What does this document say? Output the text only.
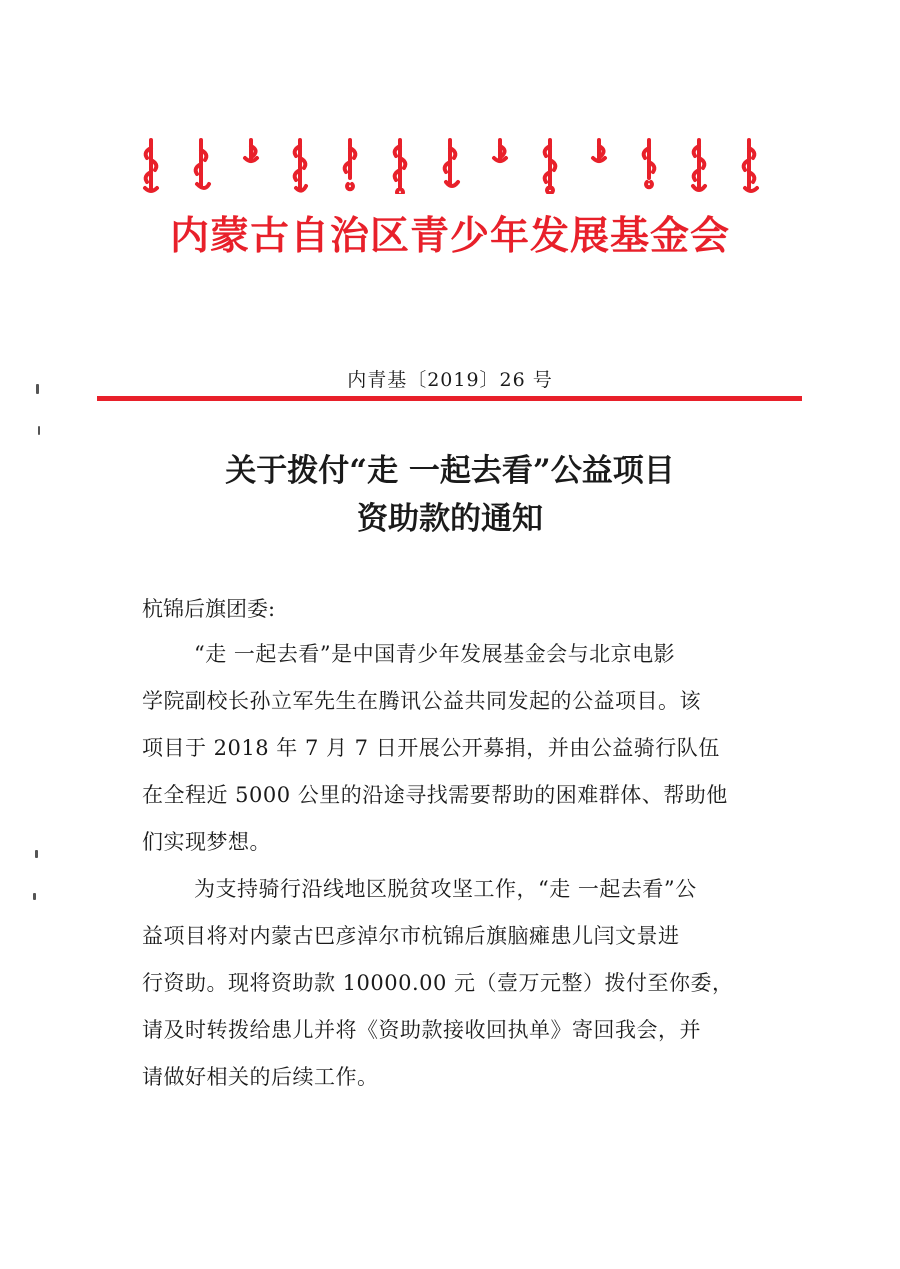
内蒙古自治区青少年发展基金会
内青基〔2019〕26 号
关于拨付“走 一起去看”公益项目
资助款的通知
杭锦后旗团委:
“走 一起去看”是中国青少年发展基金会与北京电影
学院副校长孙立军先生在腾讯公益共同发起的公益项目。该
项目于 2018 年 7 月 7 日开展公开募捐，并由公益骑行队伍
在全程近 5000 公里的沿途寻找需要帮助的困难群体、帮助他
们实现梦想。
为支持骑行沿线地区脱贫攻坚工作，“走 一起去看”公
益项目将对内蒙古巴彦淖尔市杭锦后旗脑瘫患儿闫文景进
行资助。现将资助款 10000.00 元（壹万元整）拨付至你委，
请及时转拨给患儿并将《资助款接收回执单》寄回我会，并
请做好相关的后续工作。
